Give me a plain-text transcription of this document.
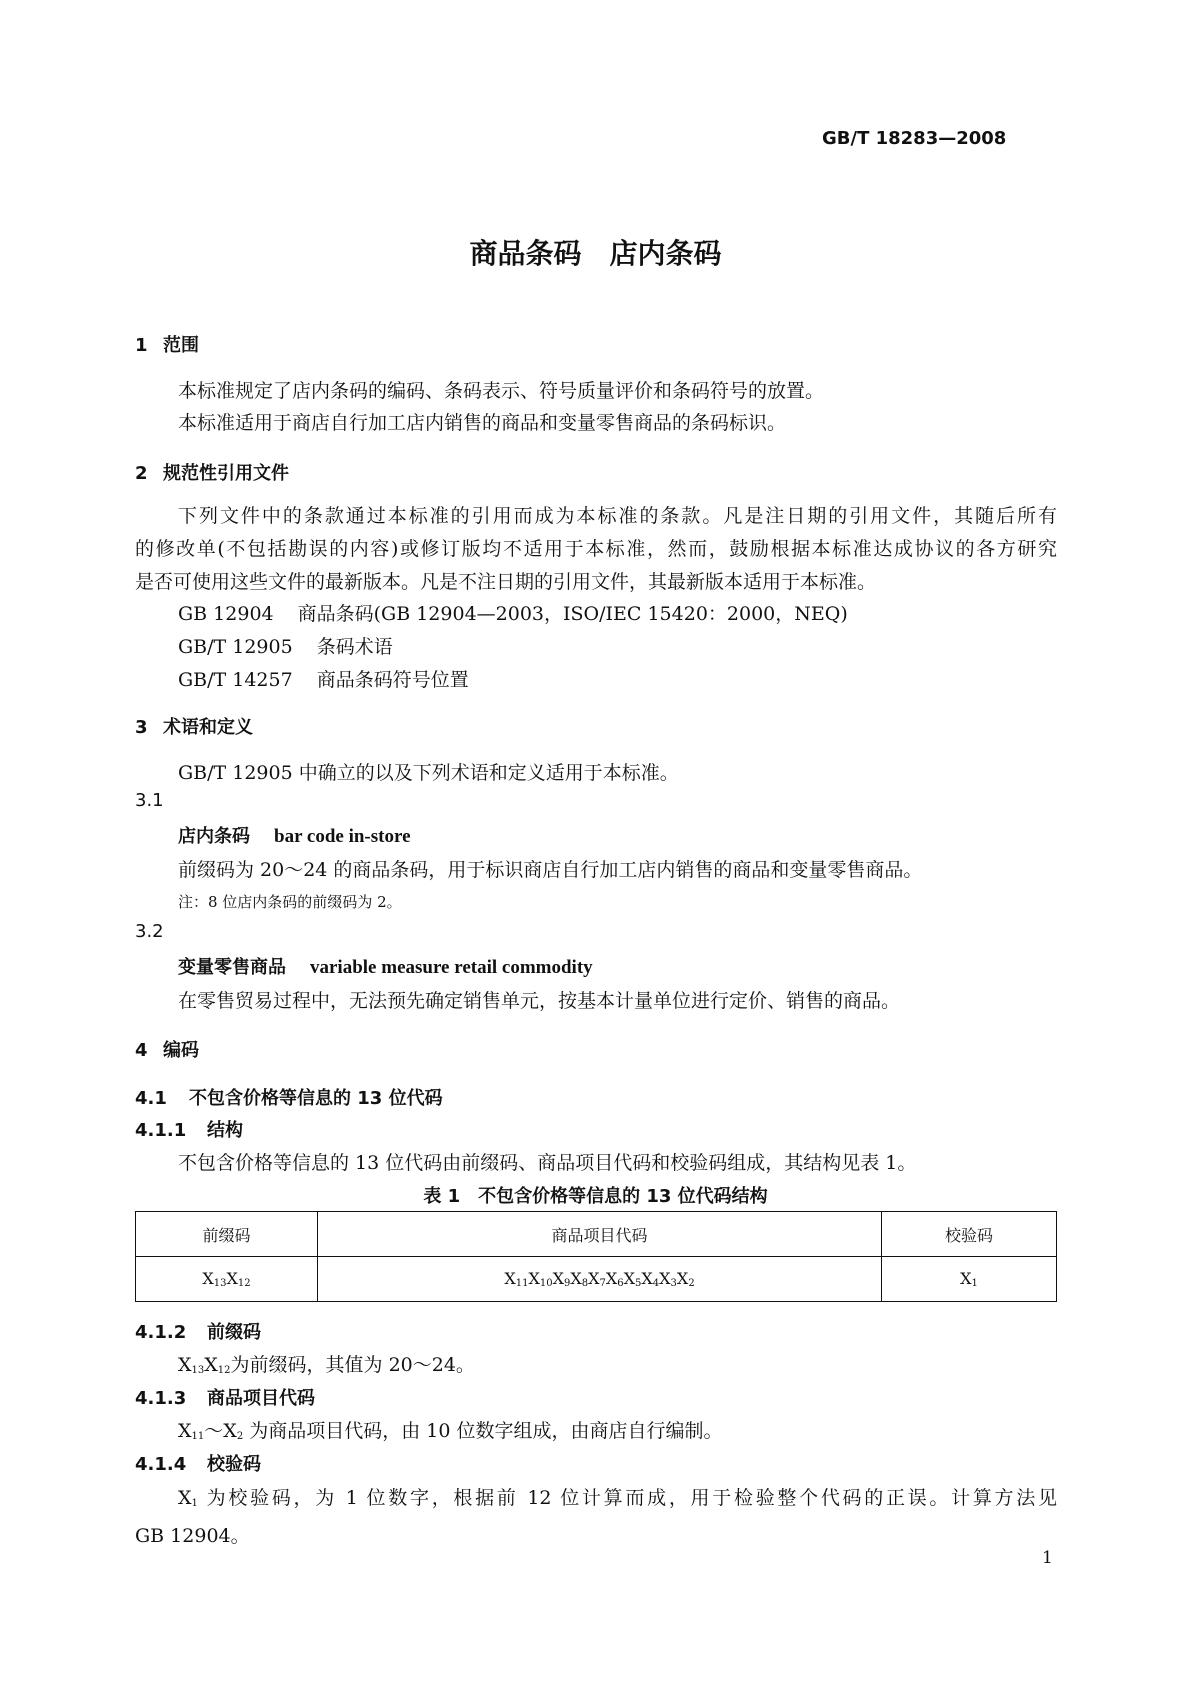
GB/T 18283—2008
商品条码　店内条码
1 范围
本标准规定了店内条码的编码、条码表示、符号质量评价和条码符号的放置。
本标准适用于商店自行加工店内销售的商品和变量零售商品的条码标识。
2 规范性引用文件
下列文件中的条款通过本标准的引用而成为本标准的条款。凡是注日期的引用文件，其随后所有
的修改单(不包括勘误的内容)或修订版均不适用于本标准，然而，鼓励根据本标准达成协议的各方研究
是否可使用这些文件的最新版本。凡是不注日期的引用文件，其最新版本适用于本标准。
GB 12904 商品条码(GB 12904—2003，ISO/IEC 15420：2000，NEQ)
GB/T 12905 条码术语
GB/T 14257 商品条码符号位置
3 术语和定义
GB/T 12905 中确立的以及下列术语和定义适用于本标准。
3.1
店内条码 bar code in-store
前缀码为 20～24 的商品条码，用于标识商店自行加工店内销售的商品和变量零售商品。
注：8 位店内条码的前缀码为 2。
3.2
变量零售商品 variable measure retail commodity
在零售贸易过程中，无法预先确定销售单元，按基本计量单位进行定价、销售的商品。
4 编码
4.1 不包含价格等信息的 13 位代码
4.1.1 结构
不包含价格等信息的 13 位代码由前缀码、商品项目代码和校验码组成，其结构见表 1。
表 1　不包含价格等信息的 13 位代码结构
前缀码	商品项目代码	校验码
$X_{13}X_{12}$	$X_{11}X_{10}X_9X_8X_7X_6X_5X_4X_3X_2$	$X_1$
4.1.2 前缀码
$X_{13}X_{12}$为前缀码，其值为 20～24。
4.1.3 商品项目代码
$X_{11}\sim X_2$ 为商品项目代码，由 10 位数字组成，由商店自行编制。
4.1.4 校验码
$X_1$ 为校验码，为 1 位数字，根据前 12 位计算而成，用于检验整个代码的正误。计算方法见
GB 12904。
1
